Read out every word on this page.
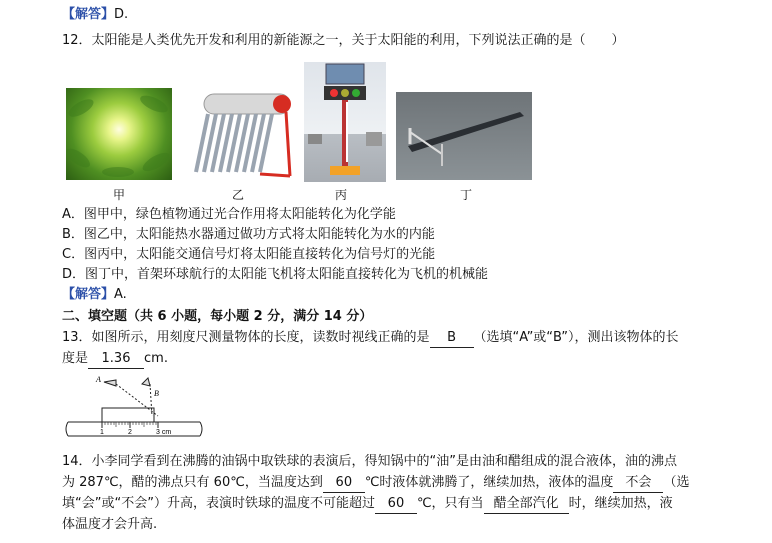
【解答】D.
12．太阳能是人类优先开发和利用的新能源之一，关于太阳能的利用，下列说法正确的是（　　）
甲	乙	丙	丁
A．图甲中，绿色植物通过光合作用将太阳能转化为化学能
B．图乙中，太阳能热水器通过做功方式将太阳能转化为水的内能
C．图丙中，太阳能交通信号灯将太阳能直接转化为信号灯的光能
D．图丁中，首架环球航行的太阳能飞机将太阳能直接转化为飞机的机械能
【解答】A.
二、填空题（共 6 小题，每小题 2 分，满分 14 分）
13．如图所示，用刻度尺测量物体的长度，读数时视线正确的是 B （选填“A”或“B”），测出该物体的长
度是 1.36 cm.
A
B
1	2	3 cm
14．小李同学看到在沸腾的油锅中取铁球的表演后，得知锅中的“油”是由油和醋组成的混合液体，油的沸点
为 287℃，醋的沸点只有 60℃，当温度达到 60 ℃时液体就沸腾了，继续加热，液体的温度 不会 （选
填“会”或“不会”）升高，表演时铁球的温度不可能超过 60 ℃，只有当 醋全部汽化 时，继续加热，液
体温度才会升高.
